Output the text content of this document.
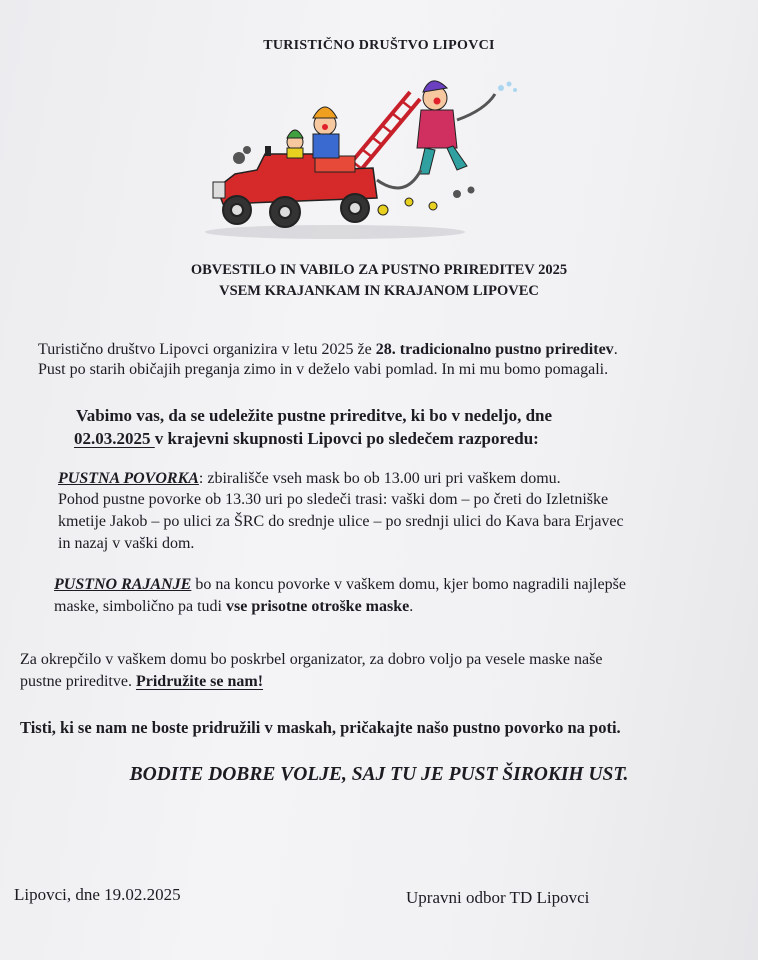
TURISTIČNO DRUŠTVO LIPOVCI
OBVESTILO IN VABILO ZA PUSTNO PRIREDITEV 2025
VSEM KRAJANKAM IN KRAJANOM LIPOVEC
Turistično društvo Lipovci organizira v letu 2025 že 28. tradicionalno pustno prireditev.
Pust po starih običajih preganja zimo in v deželo vabi pomlad. In mi mu bomo pomagali.
Vabimo vas, da se udeležite pustne prireditve, ki bo v nedeljo, dne
02.03.2025 v krajevni skupnosti Lipovci po sledečem razporedu:
PUSTNA POVORKA: zbirališče vseh mask bo ob 13.00 uri pri vaškem domu.
Pohod pustne povorke ob 13.30 uri po sledeči trasi: vaški dom – po čreti do Izletniške
kmetije Jakob – po ulici za ŠRC do srednje ulice – po srednji ulici do Kava bara Erjavec
in nazaj v vaški dom.
PUSTNO RAJANJE bo na koncu povorke v vaškem domu, kjer bomo nagradili najlepše
maske, simbolično pa tudi vse prisotne otroške maske.
Za okrepčilo v vaškem domu bo poskrbel organizator, za dobro voljo pa vesele maske naše
pustne prireditve. Pridružite se nam!
Tisti, ki se nam ne boste pridružili v maskah, pričakajte našo pustno povorko na poti.
BODITE DOBRE VOLJE, SAJ TU JE PUST ŠIROKIH UST.
Lipovci, dne 19.02.2025	Upravni odbor TD Lipovci
